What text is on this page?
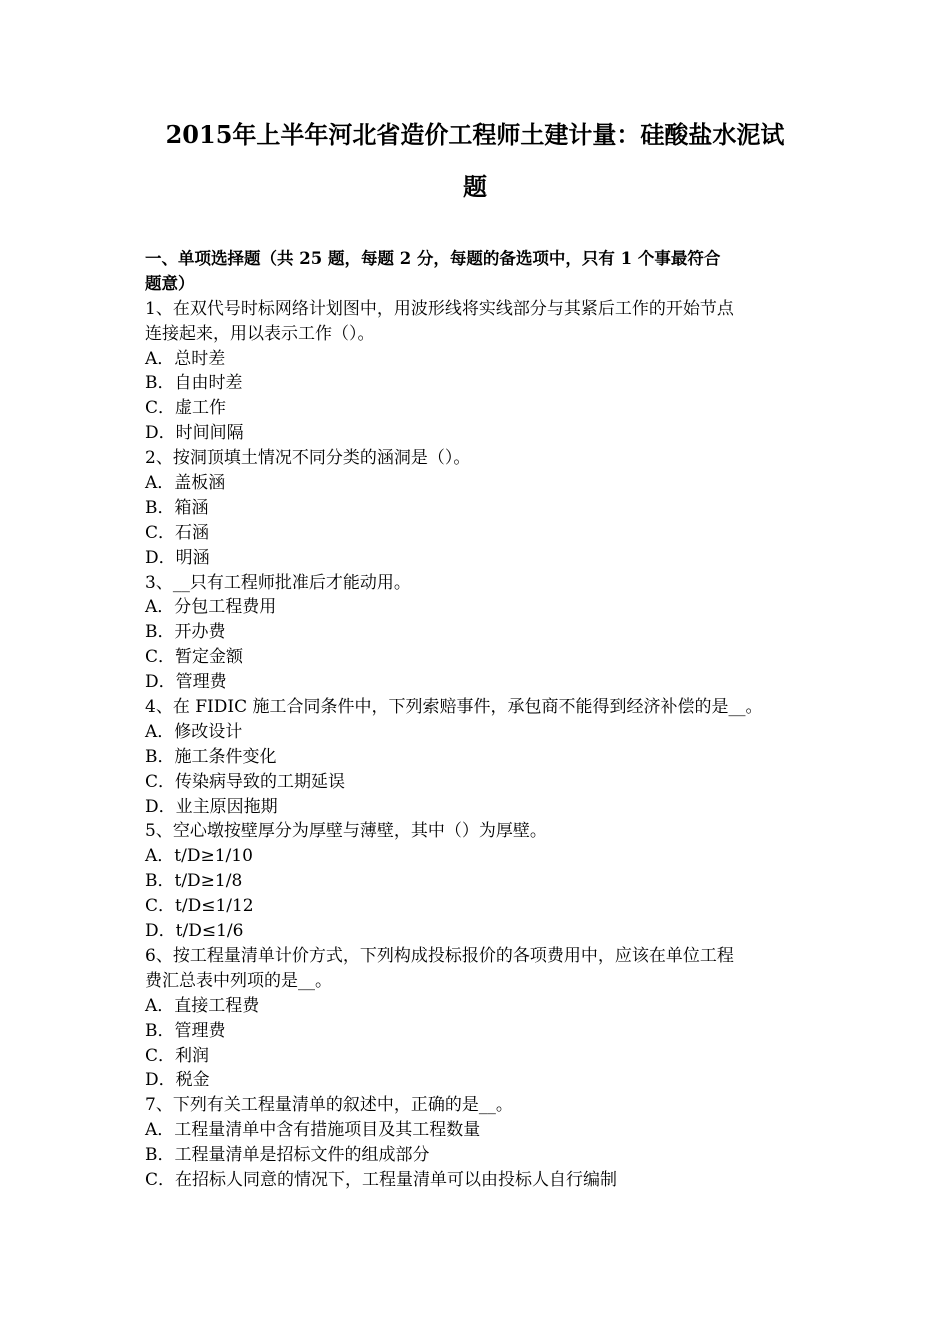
2015年上半年河北省造价工程师土建计量：硅酸盐水泥试
题
一、单项选择题（共 25 题，每题 2 分，每题的备选项中，只有 1 个事最符合
题意）
1、在双代号时标网络计划图中，用波形线将实线部分与其紧后工作的开始节点
连接起来，用以表示工作（）。
A．总时差
B．自由时差
C．虚工作
D．时间间隔
2、按洞顶填土情况不同分类的涵洞是（）。
A．盖板涵
B．箱涵
C．石涵
D．明涵
3、__只有工程师批准后才能动用。
A．分包工程费用
B．开办费
C．暂定金额
D．管理费
4、在 FIDIC 施工合同条件中，下列索赔事件，承包商不能得到经济补偿的是__。
A．修改设计
B．施工条件变化
C．传染病导致的工期延误
D．业主原因拖期
5、空心墩按壁厚分为厚壁与薄壁，其中（）为厚壁。
A．t/D≥1/10
B．t/D≥1/8
C．t/D≤1/12
D．t/D≤1/6
6、按工程量清单计价方式，下列构成投标报价的各项费用中，应该在单位工程
费汇总表中列项的是__。
A．直接工程费
B．管理费
C．利润
D．税金
7、下列有关工程量清单的叙述中，正确的是__。
A．工程量清单中含有措施项目及其工程数量
B．工程量清单是招标文件的组成部分
C．在招标人同意的情况下，工程量清单可以由投标人自行编制
